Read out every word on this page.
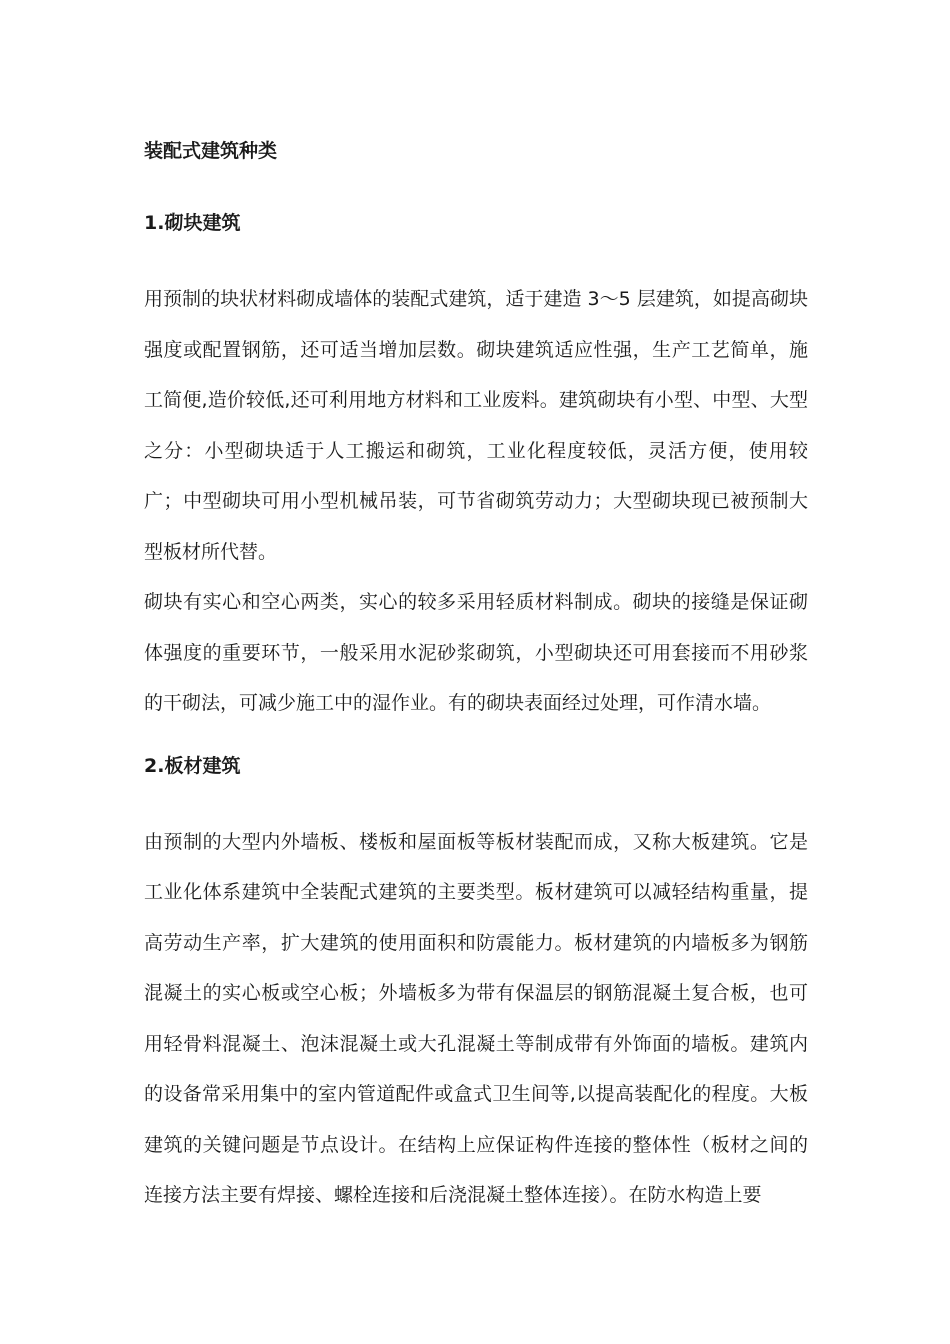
装配式建筑种类
1.砌块建筑

用预制的块状材料砌成墙体的装配式建筑，适于建造 3～5 层建筑，如提高砌块强度或配置钢筋，还可适当增加层数。砌块建筑适应性强，生产工艺简单，施工简便,造价较低,还可利用地方材料和工业废料。建筑砌块有小型、中型、大型之分：小型砌块适于人工搬运和砌筑，工业化程度较低，灵活方便，使用较广；中型砌块可用小型机械吊装，可节省砌筑劳动力；大型砌块现已被预制大型板材所代替。

砌块有实心和空心两类，实心的较多采用轻质材料制成。砌块的接缝是保证砌体强度的重要环节，一般采用水泥砂浆砌筑，小型砌块还可用套接而不用砂浆的干砌法，可减少施工中的湿作业。有的砌块表面经过处理，可作清水墙。

2.板材建筑

由预制的大型内外墙板、楼板和屋面板等板材装配而成，又称大板建筑。它是工业化体系建筑中全装配式建筑的主要类型。板材建筑可以减轻结构重量，提高劳动生产率，扩大建筑的使用面积和防震能力。板材建筑的内墙板多为钢筋混凝土的实心板或空心板；外墙板多为带有保温层的钢筋混凝土复合板，也可用轻骨料混凝土、泡沫混凝土或大孔混凝土等制成带有外饰面的墙板。建筑内的设备常采用集中的室内管道配件或盒式卫生间等,以提高装配化的程度。大板建筑的关键问题是节点设计。在结构上应保证构件连接的整体性（板材之间的连接方法主要有焊接、螺栓连接和后浇混凝土整体连接）。在防水构造上要
